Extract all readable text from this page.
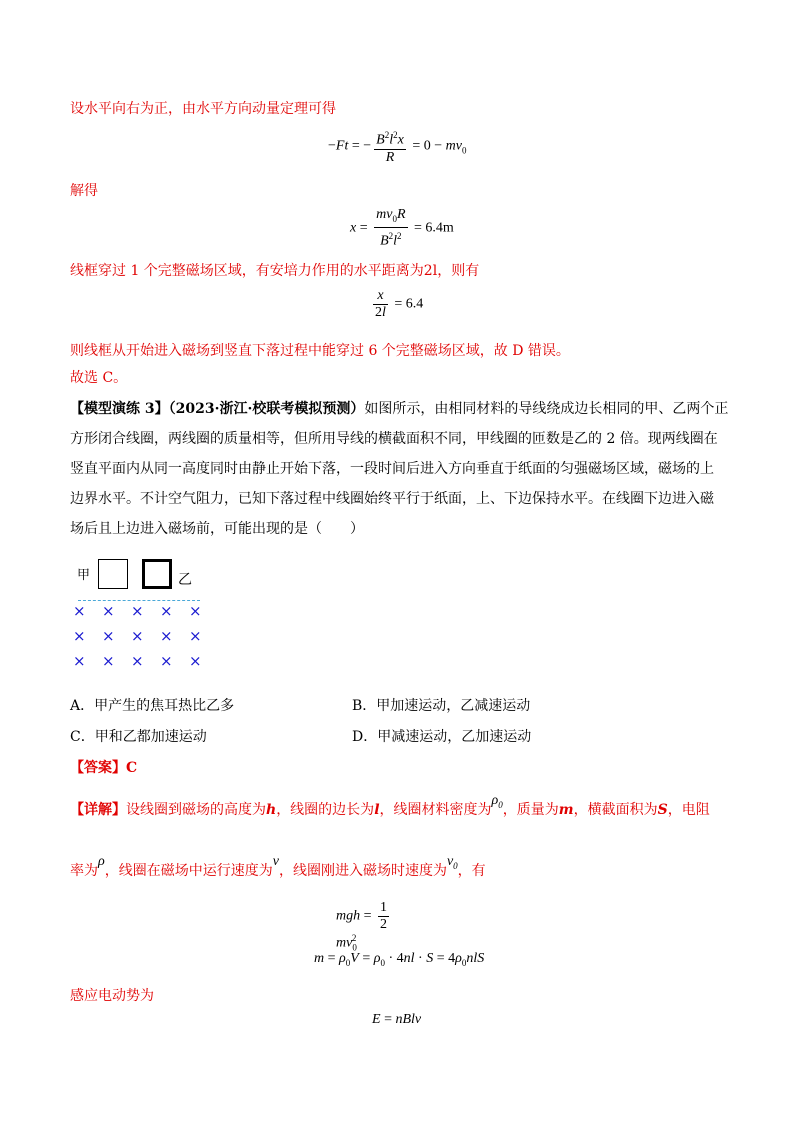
设水平向右为正，由水平方向动量定理可得
−Ft = − $\frac{B^2l^2x}{R} = 0 - mv_0$
解得
$x = \frac{mv_0R}{B^2l^2} = 6.4m$
线框穿过 1 个完整磁场区域，有安培力作用的水平距离为2l，则有
$\frac{x}{2l} = 6.4$
则线框从开始进入磁场到竖直下落过程中能穿过 6 个完整磁场区域，故 D 错误。
故选 C。
【模型演练 3】（2023·浙江·校联考模拟预测）如图所示，由相同材料的导线绕成边长相同的甲、乙两个正
方形闭合线圈，两线圈的质量相等，但所用导线的横截面积不同，甲线圈的匝数是乙的 2 倍。现两线圈在
竖直平面内从同一高度同时由静止开始下落，一段时间后进入方向垂直于纸面的匀强磁场区域，磁场的上
边界水平。不计空气阻力，已知下落过程中线圈始终平行于纸面，上、下边保持水平。在线圈下边进入磁
场后且上边进入磁场前，可能出现的是（　　）
甲	乙
× × × × ×
× × × × ×
× × × × ×
A．甲产生的焦耳热比乙多	B．甲加速运动，乙减速运动
C．甲和乙都加速运动	D．甲减速运动，乙加速运动
【答案】C
【详解】设线圈到磁场的高度为h，线圈的边长为l，线圈材料密度为$\rho_0$，质量为m，横截面积为S，电阻
率为ρ，线圈在磁场中运行速度为v，线圈刚进入磁场时速度为$v_0$，有
mgh = $\frac{1}{2}$
$mv_0^2$
$m = \rho_0V = \rho_0 \cdot 4nl \cdot S = 4\rho_0nlS$
感应电动势为
E = nBlv
